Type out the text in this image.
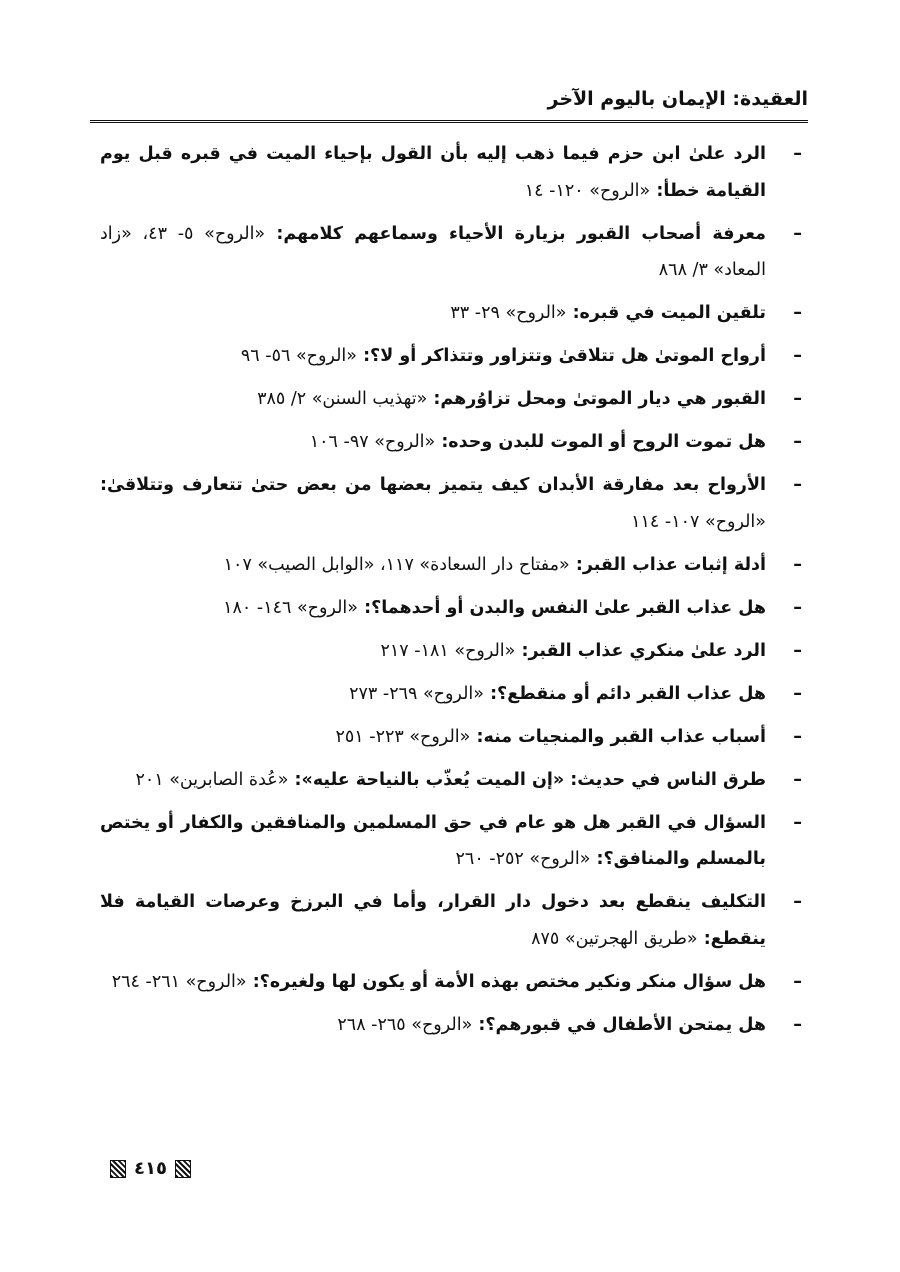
العقيدة: الإيمان باليوم الآخر
–
الرد علىٰ ابن حزم فيما ذهب إليه بأن القول بإحياء الميت في قبره قبل يوم القيامة خطأ: «الروح» ١٢٠- ١٤
–
معرفة أصحاب القبور بزيارة الأحياء وسماعهم كلامهم: «الروح» ٥- ٤٣، «زاد المعاد» ٣/ ٨٦٨
–
تلقين الميت في قبره: «الروح» ٢٩- ٣٣
–
أرواح الموتىٰ هل تتلاقىٰ وتتزاور وتتذاكر أو لا؟: «الروح» ٥٦- ٩٦
–
القبور هي ديار الموتىٰ ومحل تزاوُرهم: «تهذيب السنن» ٢/ ٣٨٥
–
هل تموت الروح أو الموت للبدن وحده: «الروح» ٩٧- ١٠٦
–
الأرواح بعد مفارقة الأبدان كيف يتميز بعضها من بعض حتىٰ تتعارف وتتلاقىٰ: «الروح» ١٠٧- ١١٤
–
أدلة إثبات عذاب القبر: «مفتاح دار السعادة» ١١٧، «الوابل الصيب» ١٠٧
–
هل عذاب القبر علىٰ النفس والبدن أو أحدهما؟: «الروح» ١٤٦- ١٨٠
–
الرد علىٰ منكري عذاب القبر: «الروح» ١٨١- ٢١٧
–
هل عذاب القبر دائم أو منقطع؟: «الروح» ٢٦٩- ٢٧٣
–
أسباب عذاب القبر والمنجيات منه: «الروح» ٢٢٣- ٢٥١
–
طرق الناس في حديث: «إن الميت يُعذّب بالنياحة عليه»: «عُدة الصابرين» ٢٠١
–
السؤال في القبر هل هو عام في حق المسلمين والمنافقين والكفار أو يختص بالمسلم والمنافق؟: «الروح» ٢٥٢- ٢٦٠
–
التكليف ينقطع بعد دخول دار القرار، وأما في البرزخ وعرصات القيامة فلا ينقطع: «طريق الهجرتين» ٨٧٥
–
هل سؤال منكر ونكير مختص بهذه الأمة أو يكون لها ولغيره؟: «الروح» ٢٦١- ٢٦٤
–
هل يمتحن الأطفال في قبورهم؟: «الروح» ٢٦٥- ٢٦٨
٤١٥
